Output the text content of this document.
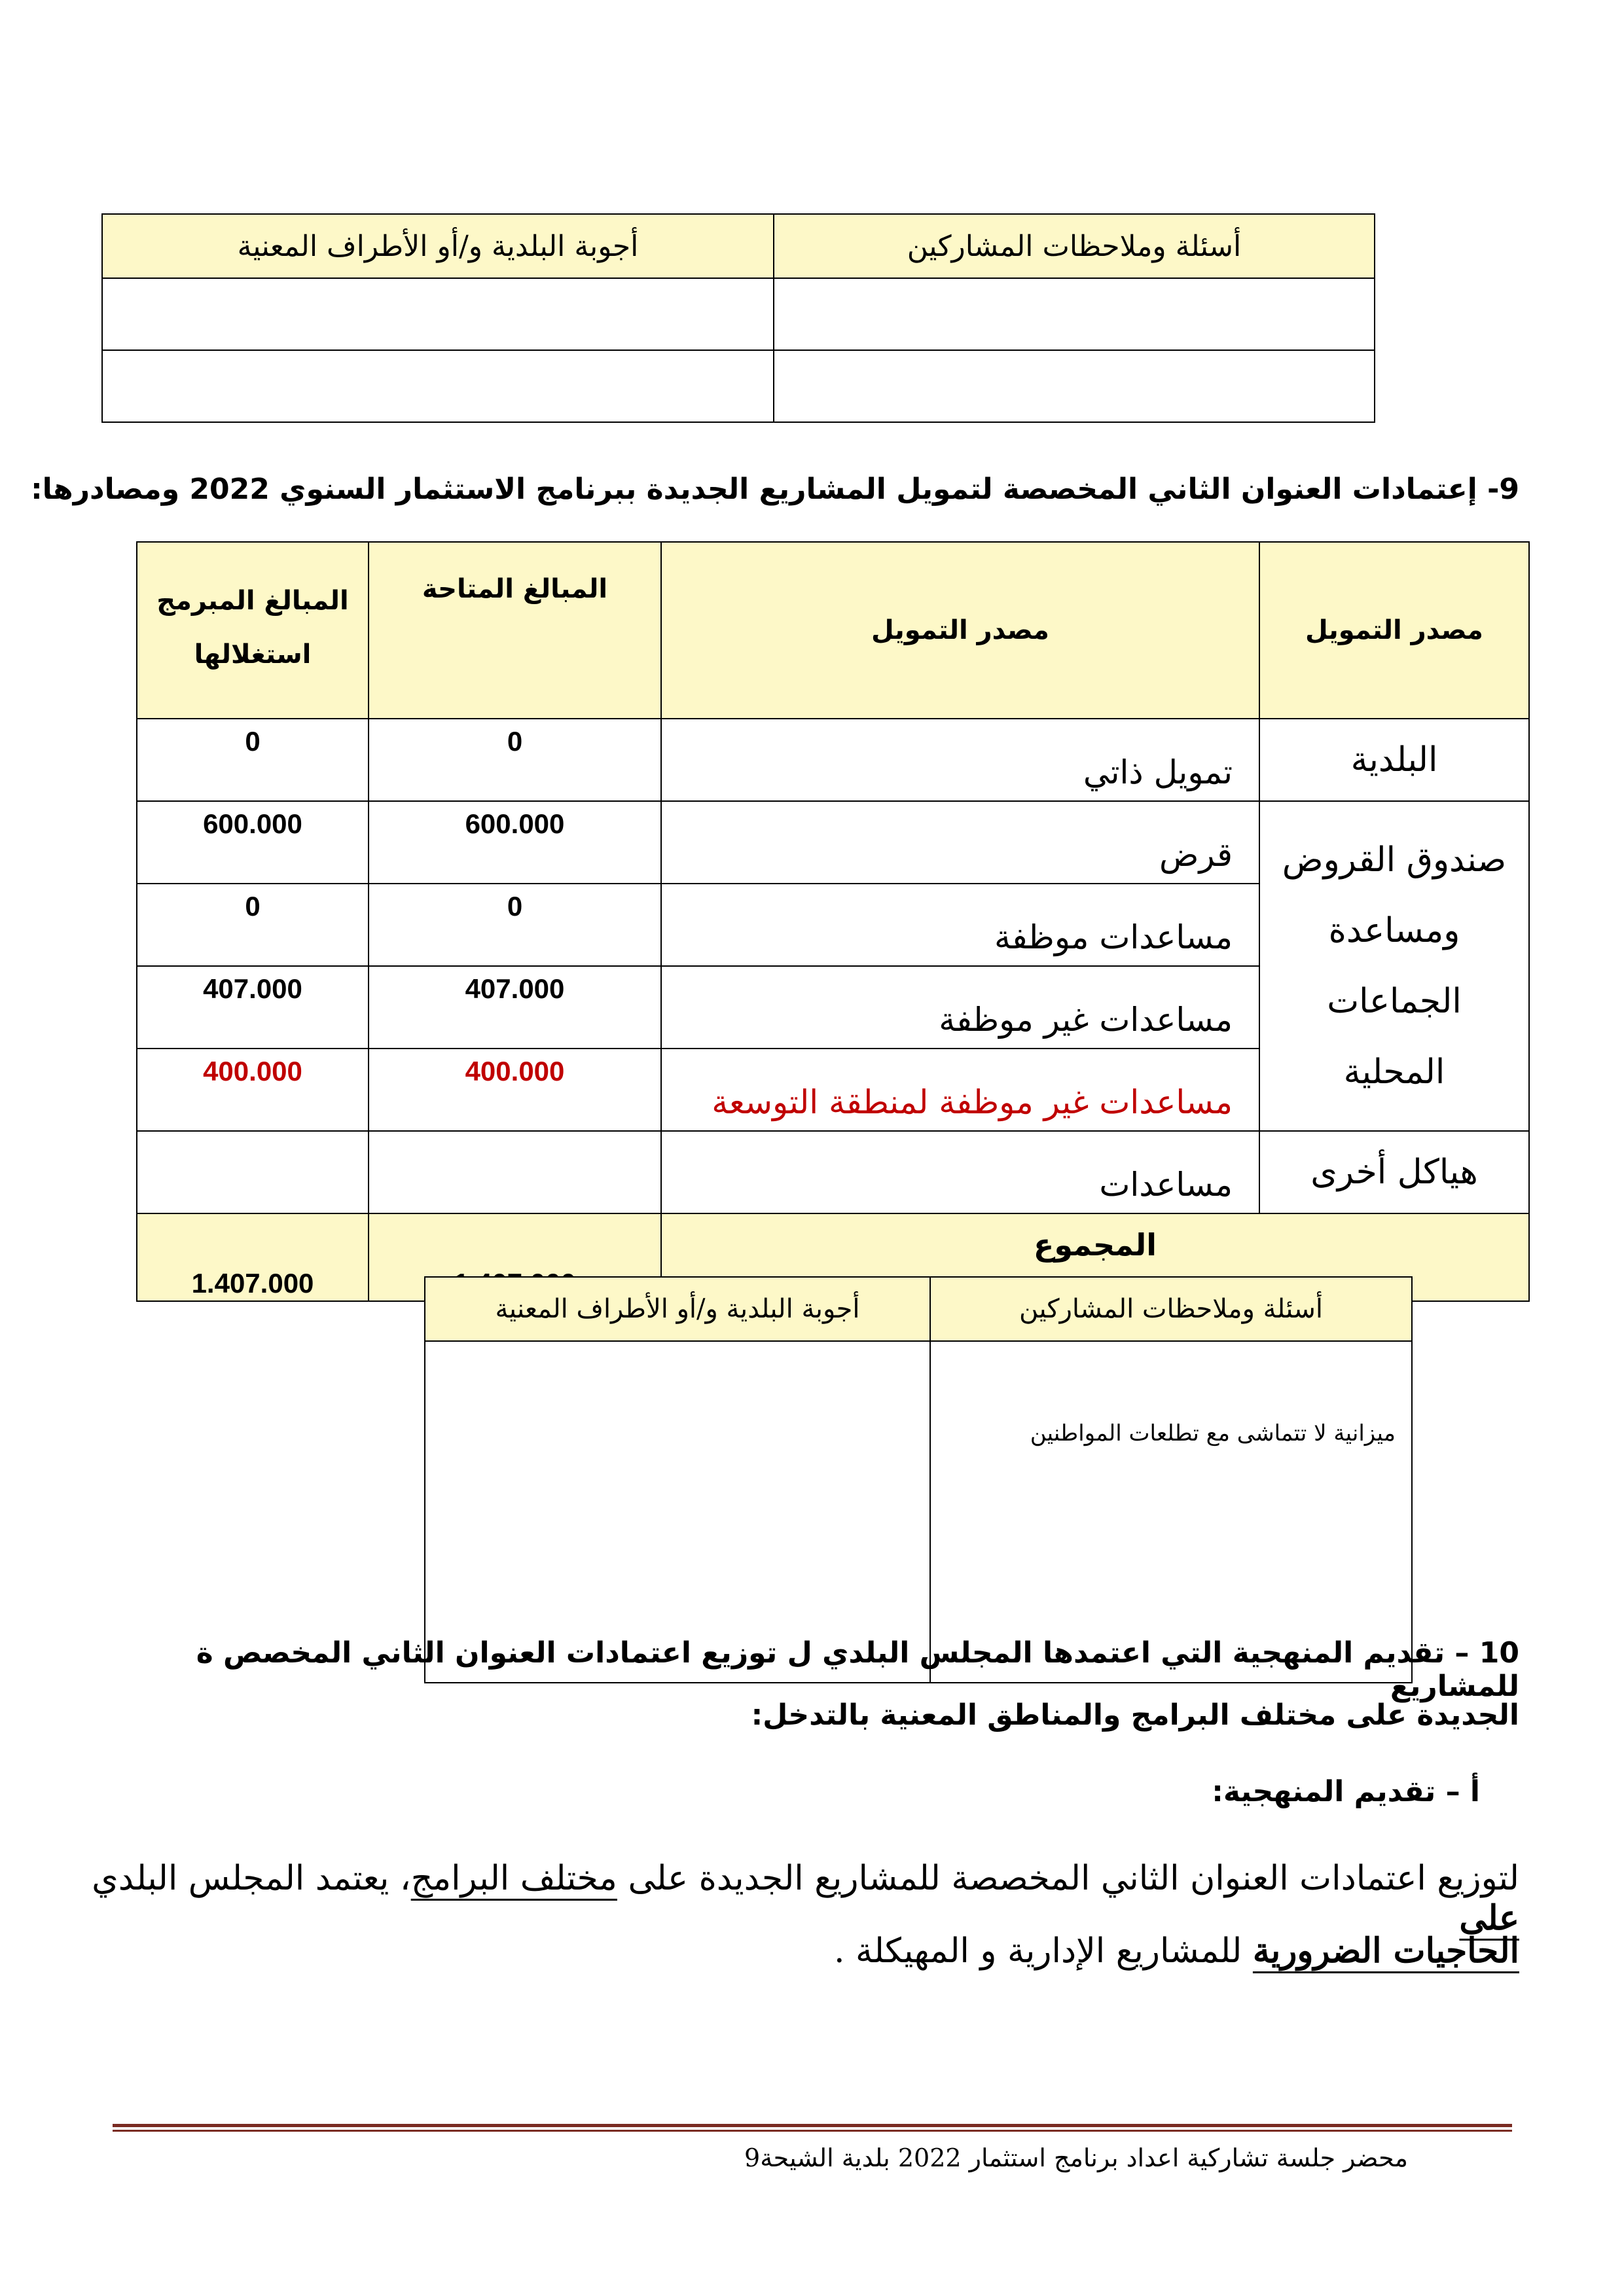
أسئلة وملاحظات المشاركين	أجوبة البلدية و/أو الأطراف المعنية

9- إعتمادات العنوان الثاني المخصصة لتمويل المشاريع الجديدة ببرنامج الاستثمار السنوي 2022 ومصادرها:
مصدر التمويل	مصدر التمويل	المبالغ المتاحة	المبالغ المبرمج استغلالها
البلدية	تمويل ذاتي	0	0
صندوق القروض ومساعدة الجماعات المحلية	قرض	600.000	600.000
	مساعدات موظفة	0	0
	مساعدات غير موظفة	407.000	407.000
	مساعدات غير موظفة لمنطقة التوسعة	400.000	400.000
هياكل أخرى	مساعدات		
المجموع		1.407.000	1.407.000
أسئلة وملاحظات المشاركين	أجوبة البلدية و/أو الأطراف المعنية
ميزانية لا تتماشى مع تطلعات المواطنين	
10 – تقديم المنهجية التي اعتمدها المجلس البلدي ل توزيع اعتمادات العنوان الثاني المخصص ة للمشاريع
الجديدة على مختلف البرامج والمناطق المعنية بالتدخل:
أ – تقديم المنهجية:
لتوزيع اعتمادات العنوان الثاني المخصصة للمشاريع الجديدة على مختلف البرامج، يعتمد المجلس البلدي على
الحاجيات الضرورية للمشاريع الإدارية و المهيكلة .
محضر جلسة تشاركية اعداد برنامج استثمار 2022 بلدية الشيحة9
